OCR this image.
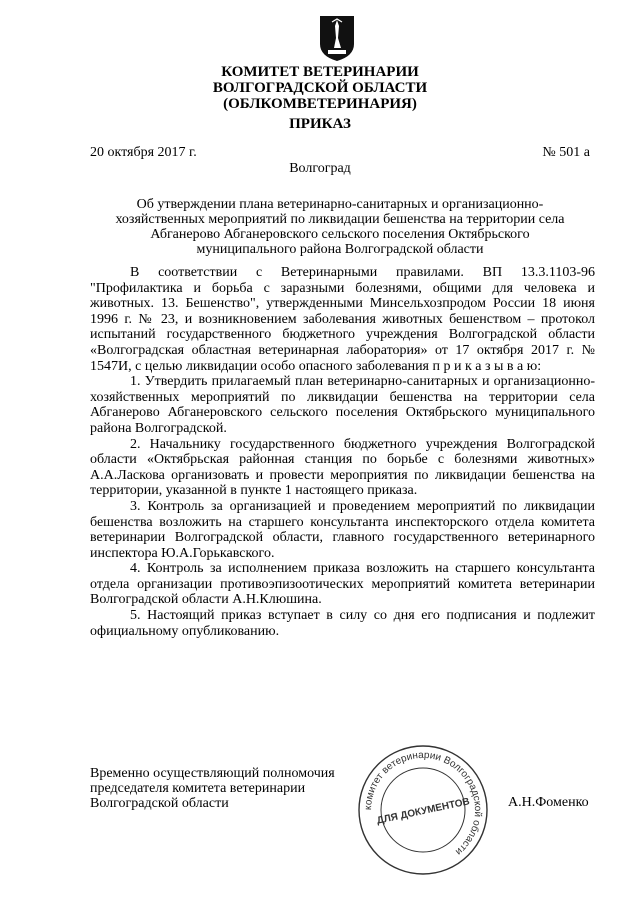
КОМИТЕТ ВЕТЕРИНАРИИ
ВОЛГОГРАДСКОЙ ОБЛАСТИ
(ОБЛКОМВЕТЕРИНАРИЯ)
ПРИКАЗ
20 октября 2017 г.	№ 501 а
Волгоград
Об утверждении плана ветеринарно-санитарных и организационно-
хозяйственных мероприятий по ликвидации бешенства на территории села
Абганерово Абганеровского сельского поселения Октябрьского
муниципального района Волгоградской области

В соответствии с Ветеринарными правилами. ВП 13.3.1103-96 "Профилактика и борьба с заразными болезнями, общими для человека и животных. 13. Бешенство", утвержденными Минсельхозпродом России 18 июня 1996 г. № 23, и возникновением заболевания животных бешенством – протокол испытаний государственного бюджетного учреждения Волгоградской области «Волгоградская областная ветеринарная лаборатория» от 17 октября 2017 г. № 1547И, с целью ликвидации особо опасного заболевания п р и к а з ы в а ю:

1. Утвердить прилагаемый план ветеринарно-санитарных и организационно-хозяйственных мероприятий по ликвидации бешенства на территории села Абганерово Абганеровского сельского поселения Октябрьского муниципального района Волгоградской.

2. Начальнику государственного бюджетного учреждения Волгоградской области «Октябрьская районная станция по борьбе с болезнями животных» А.А.Ласкова организовать и провести мероприятия по ликвидации бешенства на территории, указанной в пункте 1 настоящего приказа.

3. Контроль за организацией и проведением мероприятий по ликвидации бешенства возложить на старшего консультанта инспекторского отдела комитета ветеринарии Волгоградской области, главного государственного ветеринарного инспектора Ю.А.Горькавского.

4. Контроль за исполнением приказа возложить на старшего консультанта отдела организации противоэпизоотических мероприятий комитета ветеринарии Волгоградской области А.Н.Клюшина.

5. Настоящий приказ вступает в силу со дня его подписания и подлежит официальному опубликованию.

Временно осуществляющий полномочия
председателя комитета ветеринарии
Волгоградской области	А.Н.Фоменко
комитет ветеринарии Волгоградской области
ДЛЯ ДОКУМЕНТОВ
